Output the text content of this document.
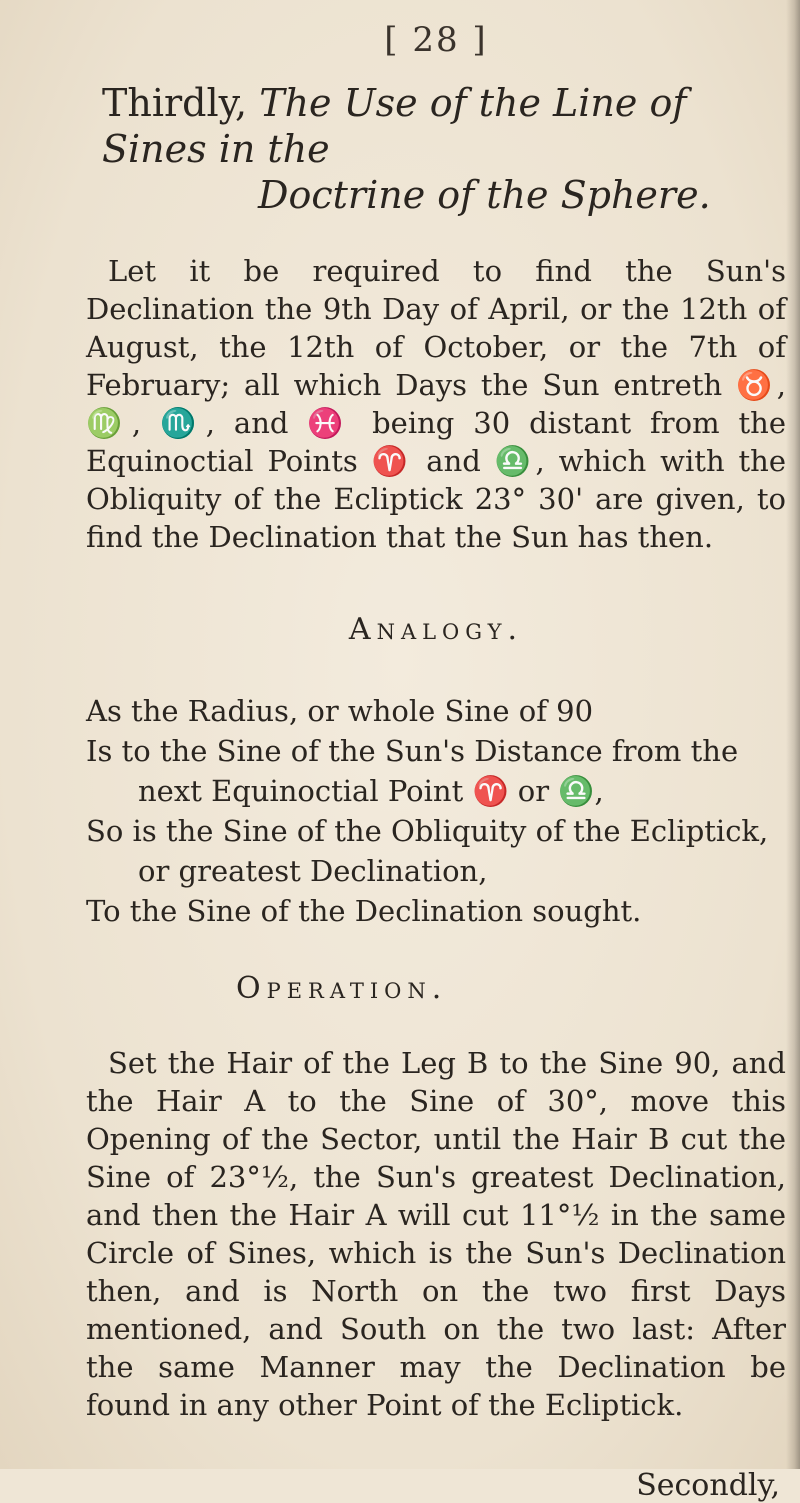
[ 28 ]

Thirdly, The Use of the Line of Sines in the

Doctrine of the Sphere.

Let it be required to find the Sun's Declination the 9th Day of April, or the 12th of August, the 12th of October, or the 7th of February; all which Days the Sun entreth ♉, ♍, ♏, and ♓ being 30 distant from the Equinoctial Points ♈ and ♎, which with the Obliquity of the Ecliptick 23° 30' are given, to find the Declination that the Sun has then.

Analogy.
As the Radius, or whole Sine of 90
Is to the Sine of the Sun's Distance from the
next Equinoctial Point ♈ or ♎,
So is the Sine of the Obliquity of the Ecliptick,
or greatest Declination,
To the Sine of the Declination sought.
Operation.

Set the Hair of the Leg B to the Sine 90, and the Hair A to the Sine of 30°, move this Opening of the Sector, until the Hair B cut the Sine of 23°½, the Sun's greatest Declination, and then the Hair A will cut 11°½ in the same Circle of Sines, which is the Sun's Declination then, and is North on the two first Days mentioned, and South on the two last: After the same Manner may the Declination be found in any other Point of the Ecliptick.

Secondly,
